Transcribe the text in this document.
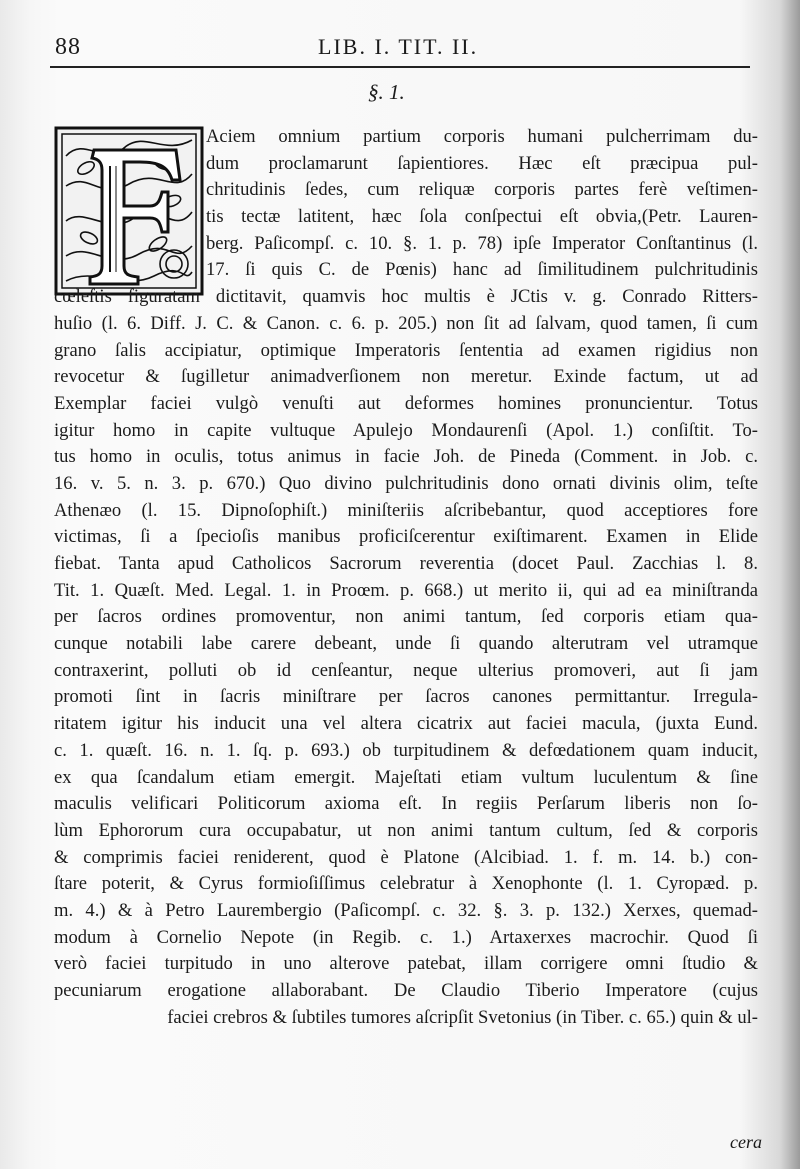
88	LIB. I. TIT. II.
§. 1.
Aciem omnium partium corporis humani pulcherrimam du-
dum proclamarunt ſapientiores. Hæc eſt præcipua pul-
chritudinis ſedes, cum reliquæ corporis partes ferè veſtimen-
tis tectæ latitent, hæc ſola conſpectui eſt obvia,(Petr. Lauren-
berg. Paſicompſ. c. 10. §. 1. p. 78) ipſe Imperator Conſtantinus (l.
17. ſi quis C. de Pœnis) hanc ad ſimilitudinem pulchritudinis
cœleſtis figuratam dictitavit, quamvis hoc multis è JCtis v. g. Conrado Ritters-
huſio (l. 6. Diff. J. C. & Canon. c. 6. p. 205.) non ſit ad ſalvam, quod tamen, ſi cum
grano ſalis accipiatur, optimique Imperatoris ſententia ad examen rigidius non
revocetur & ſugilletur animadverſionem non meretur. Exinde factum, ut ad
Exemplar faciei vulgò venuſti aut deformes homines pronuncientur. Totus
igitur homo in capite vultuque Apulejo Mondaurenſi (Apol. 1.) conſiſtit. To-
tus homo in oculis, totus animus in facie Joh. de Pineda (Comment. in Job. c.
16. v. 5. n. 3. p. 670.) Quo divino pulchritudinis dono ornati divinis olim, teſte
Athenæo (l. 15. Dipnoſophiſt.) miniſteriis aſcribebantur, quod acceptiores fore
victimas, ſi a ſpecioſis manibus proficiſcerentur exiſtimarent. Examen in Elide
fiebat. Tanta apud Catholicos Sacrorum reverentia (docet Paul. Zacchias l. 8.
Tit. 1. Quæſt. Med. Legal. 1. in Proœm. p. 668.) ut merito ii, qui ad ea miniſtranda
per ſacros ordines promoventur, non animi tantum, ſed corporis etiam qua-
cunque notabili labe carere debeant, unde ſi quando alterutram vel utramque
contraxerint, polluti ob id cenſeantur, neque ulterius promoveri, aut ſi jam
promoti ſint in ſacris miniſtrare per ſacros canones permittantur. Irregula-
ritatem igitur his inducit una vel altera cicatrix aut faciei macula, (juxta Eund.
c. 1. quæſt. 16. n. 1. ſq. p. 693.) ob turpitudinem & defœdationem quam inducit,
ex qua ſcandalum etiam emergit. Majeſtati etiam vultum luculentum & ſine
maculis velificari Politicorum axioma eſt. In regiis Perſarum liberis non ſo-
lùm Ephororum cura occupabatur, ut non animi tantum cultum, ſed & corporis
& comprimis faciei reniderent, quod è Platone (Alcibiad. 1. f. m. 14. b.) con-
ſtare poterit, & Cyrus formioſiſſimus celebratur à Xenophonte (l. 1. Cyropæd. p.
m. 4.) & à Petro Laurembergio (Paſicompſ. c. 32. §. 3. p. 132.) Xerxes, quemad-
modum à Cornelio Nepote (in Regib. c. 1.) Artaxerxes macrochir. Quod ſi
verò faciei turpitudo in uno alterove patebat, illam corrigere omni ſtudio &
pecuniarum erogatione allaborabant. De Claudio Tiberio Imperatore (cujus
faciei crebros & ſubtiles tumores aſcripſit Svetonius (in Tiber. c. 65.) quin & ul-
cera
